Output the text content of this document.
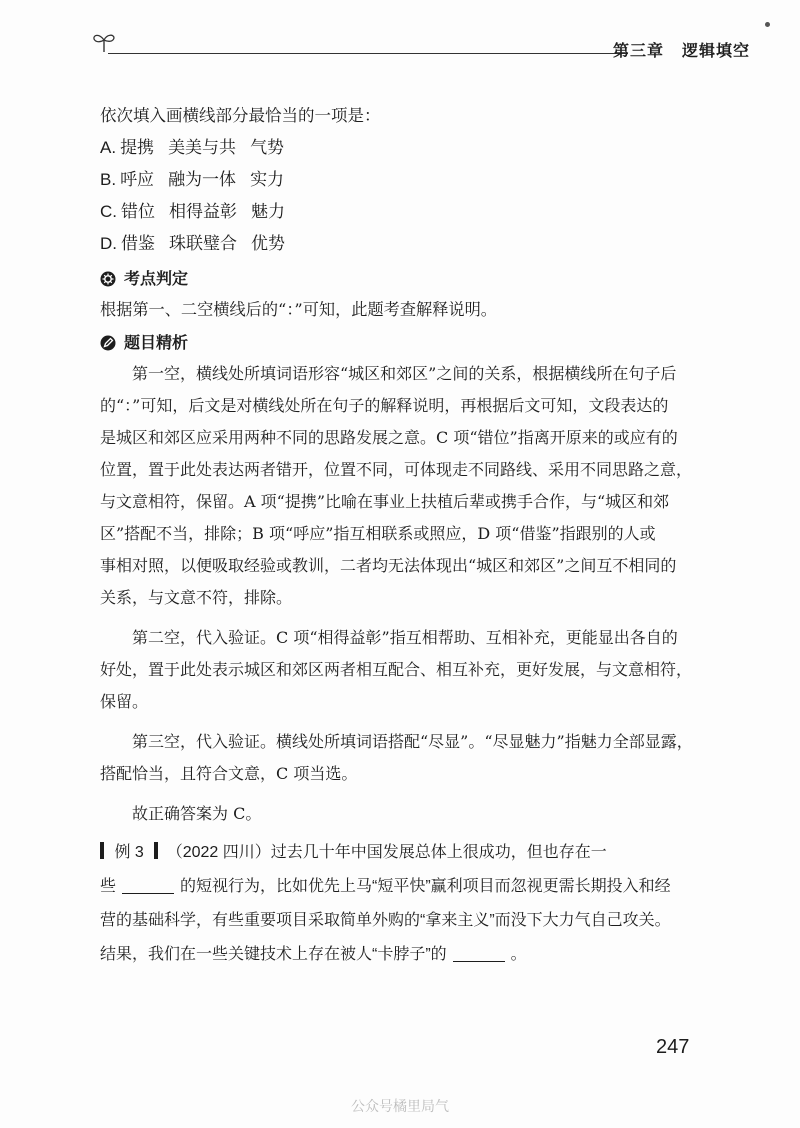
第三章 逻辑填空
依次填入画横线部分最恰当的一项是：
A. 提携 美美与共 气势
B. 呼应 融为一体 实力
C. 错位 相得益彰 魅力
D. 借鉴 珠联璧合 优势
考点判定
根据第一、二空横线后的“：”可知，此题考查解释说明。
题目精析
第一空，横线处所填词语形容“城区和郊区”之间的关系，根据横线所在句子后
的“：”可知，后文是对横线处所在句子的解释说明，再根据后文可知，文段表达的
是城区和郊区应采用两种不同的思路发展之意。C 项“错位”指离开原来的或应有的
位置，置于此处表达两者错开，位置不同，可体现走不同路线、采用不同思路之意，
与文意相符，保留。A 项“提携”比喻在事业上扶植后辈或携手合作，与“城区和郊
区”搭配不当，排除；B 项“呼应”指互相联系或照应，D 项“借鉴”指跟别的人或
事相对照，以便吸取经验或教训，二者均无法体现出“城区和郊区”之间互不相同的
关系，与文意不符，排除。
第二空，代入验证。C 项“相得益彰”指互相帮助、互相补充，更能显出各自的
好处，置于此处表示城区和郊区两者相互配合、相互补充，更好发展，与文意相符，
保留。
第三空，代入验证。横线处所填词语搭配“尽显”。“尽显魅力”指魅力全部显露，
搭配恰当，且符合文意，C 项当选。
故正确答案为 C。
例 3 （2022 四川）过去几十年中国发展总体上很成功，但也存在一
些	的短视行为，比如优先上马“短平快”赢利项目而忽视更需长期投入和经
营的基础科学，有些重要项目采取简单外购的“拿来主义”而没下大力气自己攻关。
结果，我们在一些关键技术上存在被人“卡脖子”的	。
247
公众号橘里局气
